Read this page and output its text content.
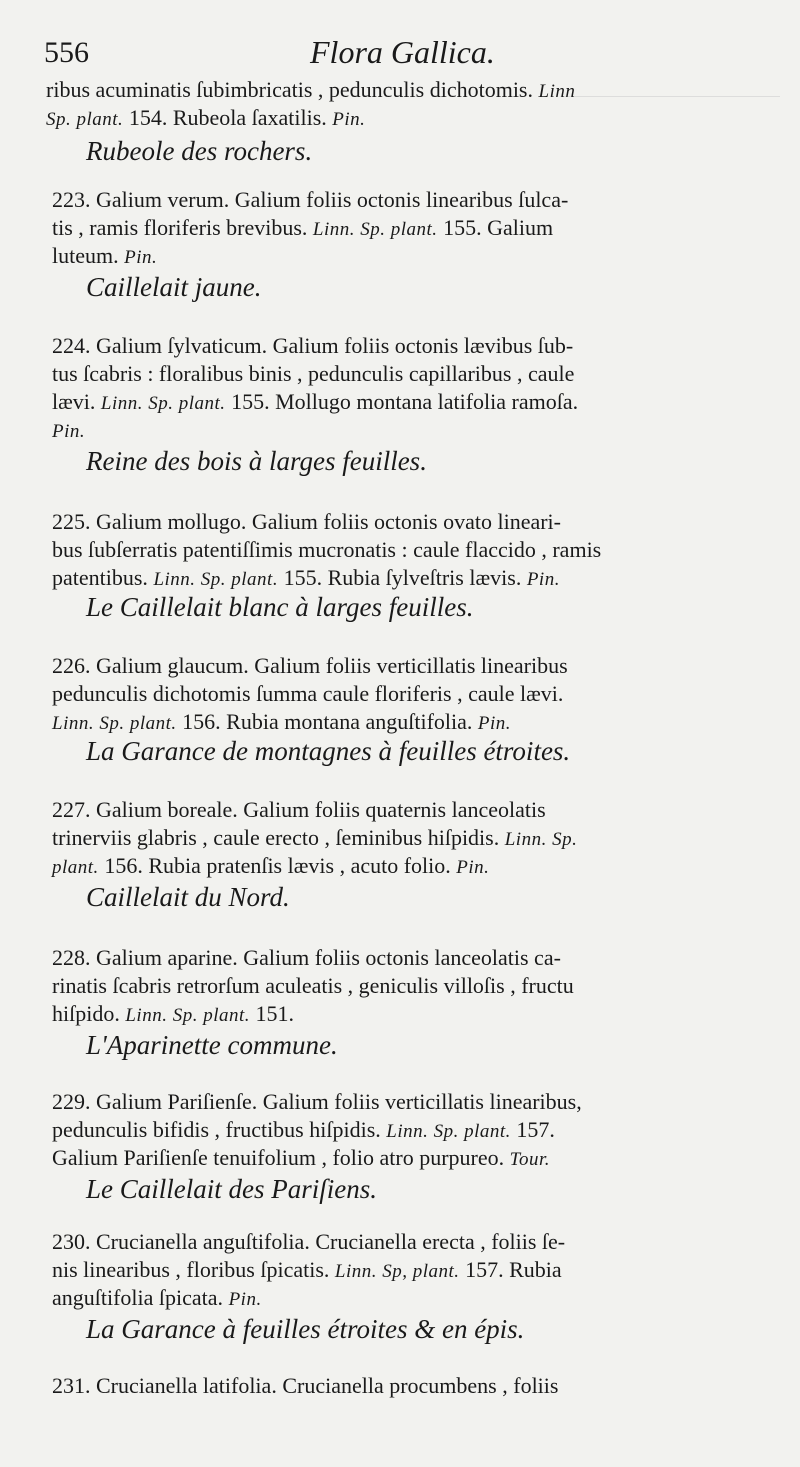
556	Flora Gallica.
ribus acuminatis ſubimbricatis , pedunculis dichotomis. Linn
Sp. plant. 154. Rubeola ſaxatilis. Pin.
Rubeole des rochers.
223. Galium verum. Galium foliis octonis linearibus ſulca-
tis , ramis floriferis brevibus. Linn. Sp. plant. 155. Galium
luteum. Pin.
Caillelait jaune.
224. Galium ſylvaticum. Galium foliis octonis lævibus ſub-
tus ſcabris : floralibus binis , pedunculis capillaribus , caule
lævi. Linn. Sp. plant. 155. Mollugo montana latifolia ramoſa.
Pin.
Reine des bois à larges feuilles.
225. Galium mollugo. Galium foliis octonis ovato lineari-
bus ſubſerratis patentiſſimis mucronatis : caule flaccido , ramis
patentibus. Linn. Sp. plant. 155. Rubia ſylveſtris lævis. Pin.
Le Caillelait blanc à larges feuilles.
226. Galium glaucum. Galium foliis verticillatis linearibus
pedunculis dichotomis ſumma caule floriferis , caule lævi.
Linn. Sp. plant. 156. Rubia montana anguſtifolia. Pin.
La Garance de montagnes à feuilles étroites.
227. Galium boreale. Galium foliis quaternis lanceolatis
trinerviis glabris , caule erecto , ſeminibus hiſpidis. Linn. Sp.
plant. 156. Rubia pratenſis lævis , acuto folio. Pin.
Caillelait du Nord.
228. Galium aparine. Galium foliis octonis lanceolatis ca-
rinatis ſcabris retrorſum aculeatis , geniculis villoſis , fructu
hiſpido. Linn. Sp. plant. 151.
L'Aparinette commune.
229. Galium Pariſienſe. Galium foliis verticillatis linearibus,
pedunculis bifidis , fructibus hiſpidis. Linn. Sp. plant. 157.
Galium Pariſienſe tenuifolium , folio atro purpureo. Tour.
Le Caillelait des Pariſiens.
230. Crucianella anguſtifolia. Crucianella erecta , foliis ſe-
nis linearibus , floribus ſpicatis. Linn. Sp, plant. 157. Rubia
anguſtifolia ſpicata. Pin.
La Garance à feuilles étroites & en épis.
231. Crucianella latifolia. Crucianella procumbens , foliis
